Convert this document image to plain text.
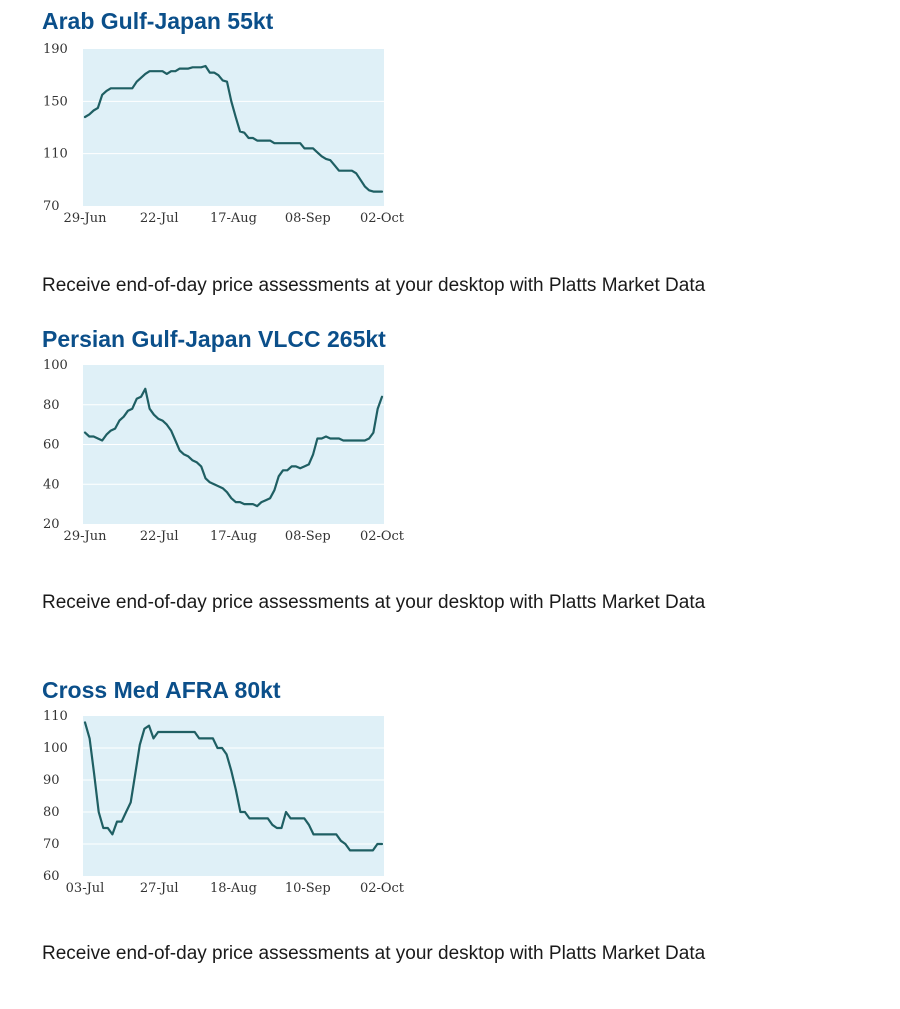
Arab Gulf-Japan 55kt
70
110
150
190
29-Jun	22-Jul 17-Aug 08-Sep 02-Oct

Receive end-of-day price assessments at your desktop with Platts Market Data

Persian Gulf-Japan VLCC 265kt
20
40
60
80
100
29-Jun	22-Jul 17-Aug 08-Sep 02-Oct

Receive end-of-day price assessments at your desktop with Platts Market Data

Cross Med AFRA 80kt
60
70
80
90
100
110
03-Jul	27-Jul 18-Aug 10-Sep 02-Oct

Receive end-of-day price assessments at your desktop with Platts Market Data
